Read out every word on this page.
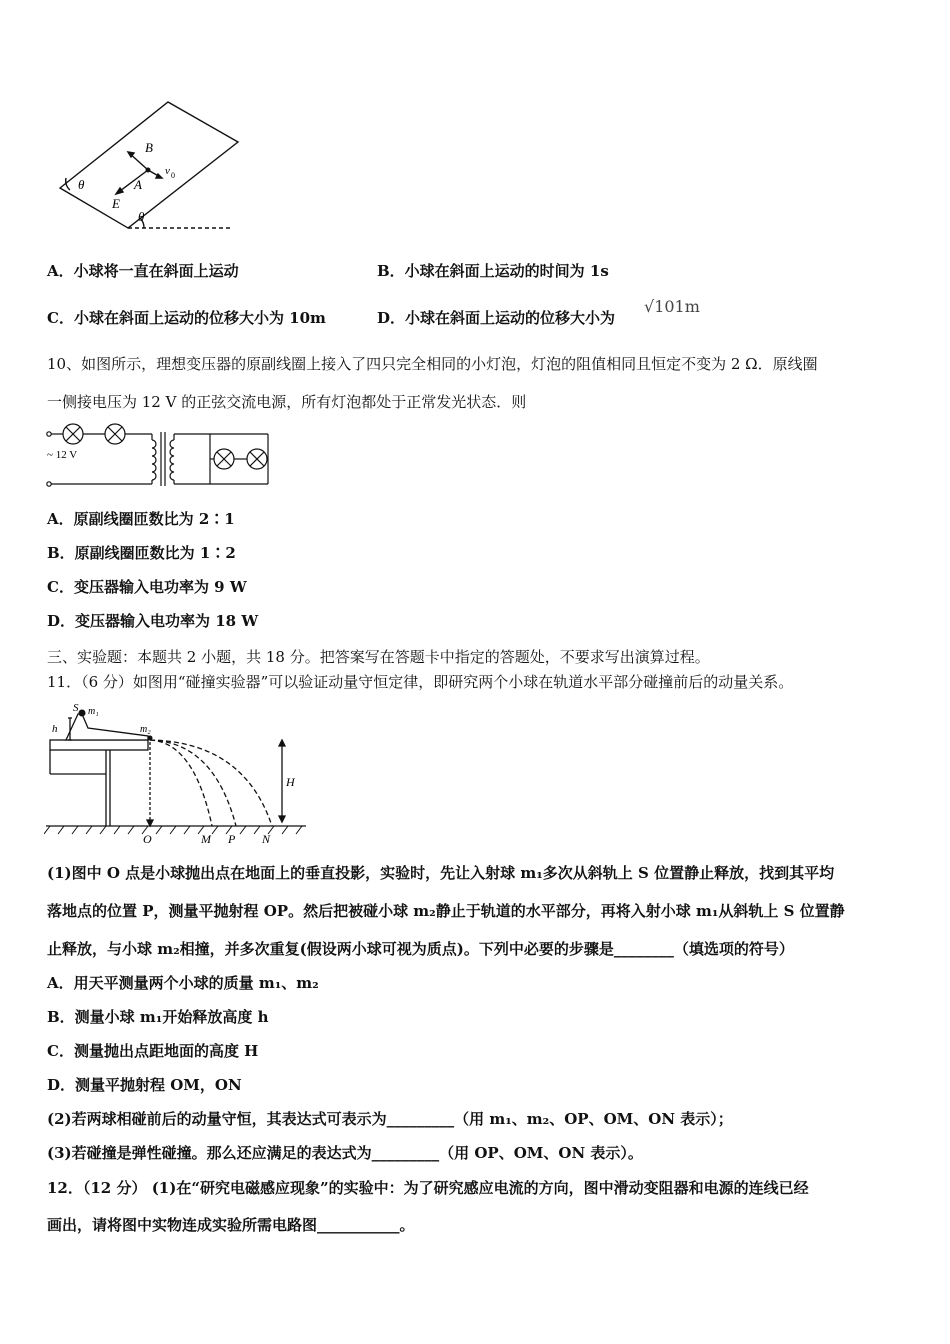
B
A
E
v 0
θ
θ
A．小球将一直在斜面上运动	B．小球在斜面上运动的时间为 1s
C．小球在斜面上运动的位移大小为 10m	D．小球在斜面上运动的位移大小为
√101m
10、如图所示，理想变压器的原副线圈上接入了四只完全相同的小灯泡，灯泡的阻值相同且恒定不变为 2 Ω．原线圈
一侧接电压为 12 V 的正弦交流电源，所有灯泡都处于正常发光状态．则
~ 12 V
A．原副线圈匝数比为 2∶1
B．原副线圈匝数比为 1∶2
C．变压器输入电功率为 9 W
D．变压器输入电功率为 18 W
三、实验题：本题共 2 小题，共 18 分。把答案写在答题卡中指定的答题处，不要求写出演算过程。
11．（6 分）如图用“碰撞实验器”可以验证动量守恒定律，即研究两个小球在轨道水平部分碰撞前后的动量关系。
S m₁
m₂
h
H
O	M P N
(1)图中 O 点是小球抛出点在地面上的垂直投影，实验时，先让入射球 m₁多次从斜轨上 S 位置静止释放，找到其平均
落地点的位置 P，测量平抛射程 OP。然后把被碰小球 m₂静止于轨道的水平部分，再将入射小球 m₁从斜轨上 S 位置静
止释放，与小球 m₂相撞，并多次重复(假设两小球可视为质点)。下列中必要的步骤是________（填选项的符号）
A．用天平测量两个小球的质量 m₁、m₂
B．测量小球 m₁开始释放高度 h
C．测量抛出点距地面的高度 H
D．测量平抛射程 OM，ON
(2)若两球相碰前后的动量守恒，其表达式可表示为_________（用 m₁、m₂、OP、OM、ON 表示）；
(3)若碰撞是弹性碰撞。那么还应满足的表达式为_________（用 OP、OM、ON 表示）。
12．（12 分） (1)在“研究电磁感应现象”的实验中：为了研究感应电流的方向，图中滑动变阻器和电源的连线已经
画出，请将图中实物连成实验所需电路图___________。
